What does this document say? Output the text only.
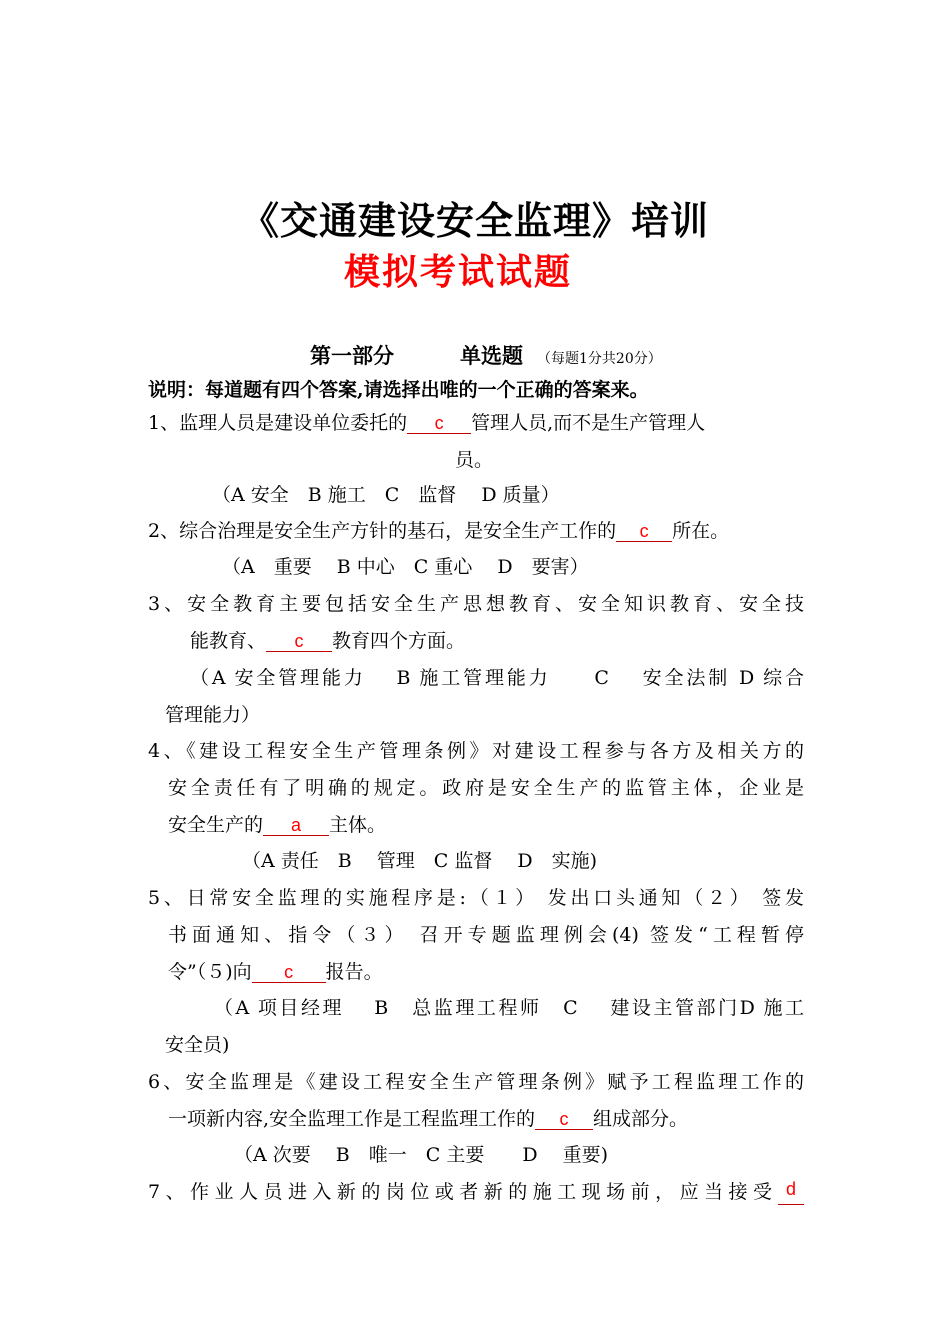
《交通建设安全监理》培训
模拟考试试题
第一部分	单选题 （每题1分共20分）
说明：每道题有四个答案,请选择出唯的一个正确的答案来。
1、监理人员是建设单位委托的 c 管理人员,而不是生产管理人
员。
（A 安全　B 施工　C　监督　 D 质量）
2、综合治理是安全生产方针的基石，是安全生产工作的 c 所在。
（A　重要　 B 中心　C 重心　 D　要害）
3、安全教育主要包括安全生产思想教育、安全知识教育、安全技
能教育、 c 教育四个方面。
（A 安全管理能力　 B 施工管理能力　　C　 安全法制 D 综合
管理能力）
4、《建设工程安全生产管理条例》对建设工程参与各方及相关方的
安全责任有了明确的规定。政府是安全生产的监管主体，企业是
安全生产的 a 主体。
（A 责任　B　 管理　C 监督　 D　实施)
5、日常安全监理的实施程序是:（１） 发出口头通知（２） 签发
书面通知、指令（３） 召开专题监理例会(4) 签发“工程暂停
令”（５)向 c 报告。
（A 项目经理　 B　总监理工程师　C　 建设主管部门D 施工
安全员)
6、安全监理是《建设工程安全生产管理条例》赋予工程监理工作的
一项新内容,安全监理工作是工程监理工作的 c 组成部分。
（A 次要　 B　唯一　C 主要　　D　 重要)
7、作业人员进入新的岗位或者新的施工现场前，应当接受 d
